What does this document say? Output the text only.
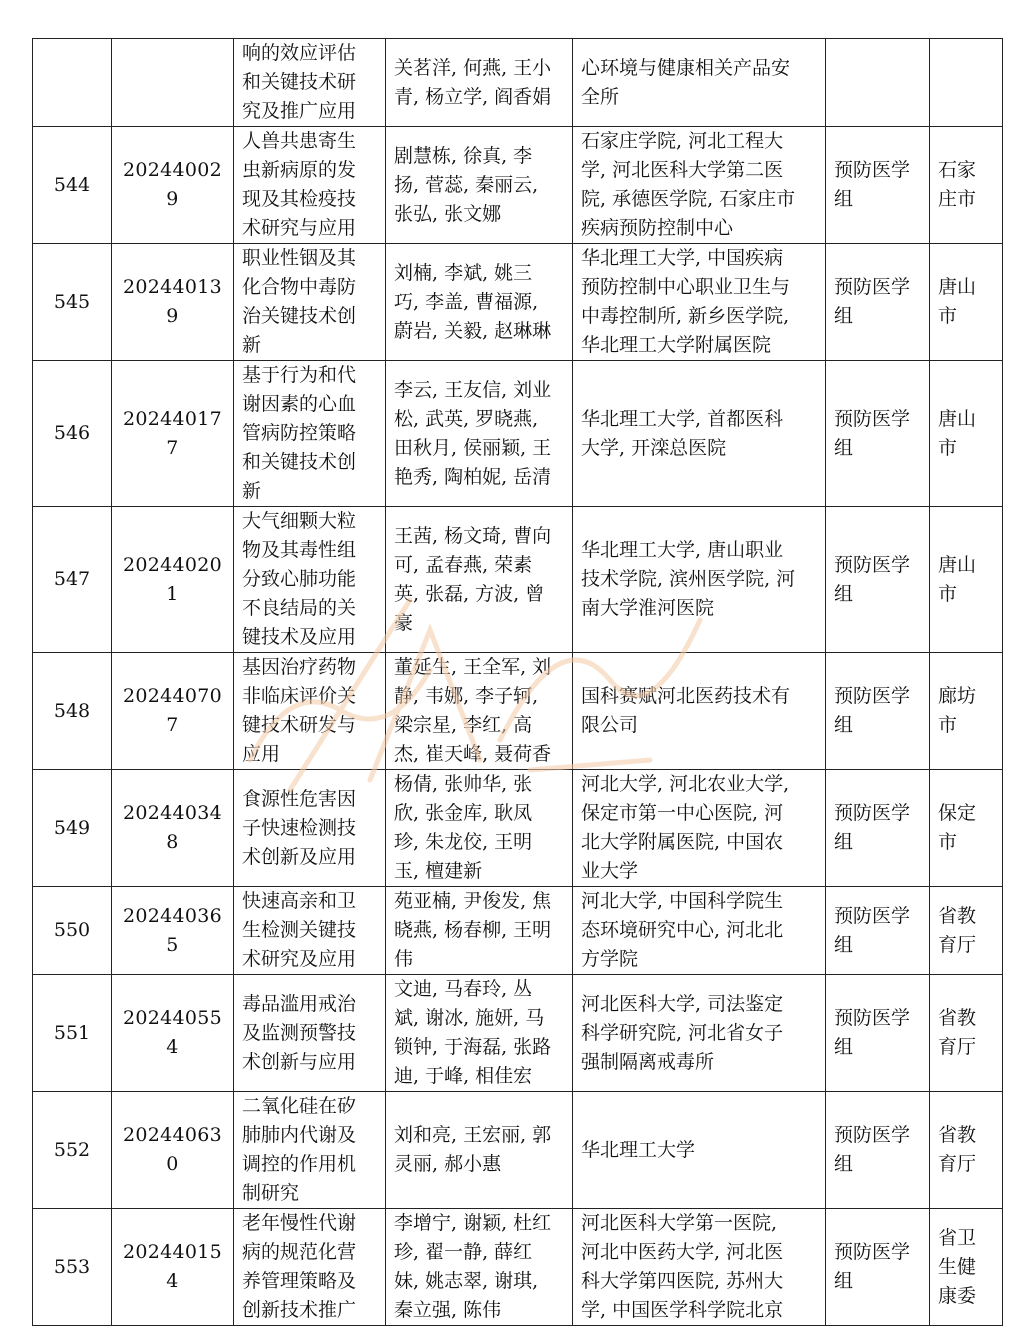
		响的效应评估
和关键技术研
究及推广应用	关茗洋, 何燕, 王小
青, 杨立学, 阎香娟	心环境与健康相关产品安
全所		
544	202440029	人兽共患寄生
虫新病原的发
现及其检疫技
术研究与应用	剧慧栋, 徐真, 李
扬, 菅蕊, 秦丽云,
张弘, 张文娜	石家庄学院, 河北工程大
学, 河北医科大学第二医
院, 承德医学院, 石家庄市
疾病预防控制中心	预防医学
组	石家
庄市
545	202440139	职业性铟及其
化合物中毒防
治关键技术创
新	刘楠, 李斌, 姚三
巧, 李盖, 曹福源,
蔚岩, 关毅, 赵琳琳	华北理工大学, 中国疾病
预防控制中心职业卫生与
中毒控制所, 新乡医学院,
华北理工大学附属医院	预防医学
组	唐山
市
546	202440177	基于行为和代
谢因素的心血
管病防控策略
和关键技术创
新	李云, 王友信, 刘业
松, 武英, 罗晓燕,
田秋月, 侯丽颖, 王
艳秀, 陶柏妮, 岳清	华北理工大学, 首都医科
大学, 开滦总医院	预防医学
组	唐山
市
547	202440201	大气细颗大粒
物及其毒性组
分致心肺功能
不良结局的关
键技术及应用	王茜, 杨文琦, 曹向
可, 孟春燕, 荣素
英, 张磊, 方波, 曾
豪	华北理工大学, 唐山职业
技术学院, 滨州医学院, 河
南大学淮河医院	预防医学
组	唐山
市
548	202440707	基因治疗药物
非临床评价关
键技术研发与
应用	董延生, 王全军, 刘
静, 韦娜, 李子轲,
梁宗星, 李红, 高
杰, 崔天峰, 聂荷香	国科赛赋河北医药技术有
限公司	预防医学
组	廊坊
市
549	202440348	食源性危害因
子快速检测技
术创新及应用	杨倩, 张帅华, 张
欣, 张金库, 耿凤
珍, 朱龙佼, 王明
玉, 檀建新	河北大学, 河北农业大学,
保定市第一中心医院, 河
北大学附属医院, 中国农
业大学	预防医学
组	保定
市
550	202440365	快速高亲和卫
生检测关键技
术研究及应用	苑亚楠, 尹俊发, 焦
晓燕, 杨春柳, 王明
伟	河北大学, 中国科学院生
态环境研究中心, 河北北
方学院	预防医学
组	省教
育厅
551	202440554	毒品滥用戒治
及监测预警技
术创新与应用	文迪, 马春玲, 丛
斌, 谢冰, 施妍, 马
锁钟, 于海磊, 张路
迪, 于峰, 相佳宏	河北医科大学, 司法鉴定
科学研究院, 河北省女子
强制隔离戒毒所	预防医学
组	省教
育厅
552	202440630	二氧化硅在矽
肺肺内代谢及
调控的作用机
制研究	刘和亮, 王宏丽, 郭
灵丽, 郝小惠	华北理工大学	预防医学
组	省教
育厅
553	202440154	老年慢性代谢
病的规范化营
养管理策略及
创新技术推广	李增宁, 谢颖, 杜红
珍, 翟一静, 薛红
妹, 姚志翠, 谢琪,
秦立强, 陈伟	河北医科大学第一医院,
河北中医药大学, 河北医
科大学第四医院, 苏州大
学, 中国医学科学院北京	预防医学
组	省卫
生健
康委
